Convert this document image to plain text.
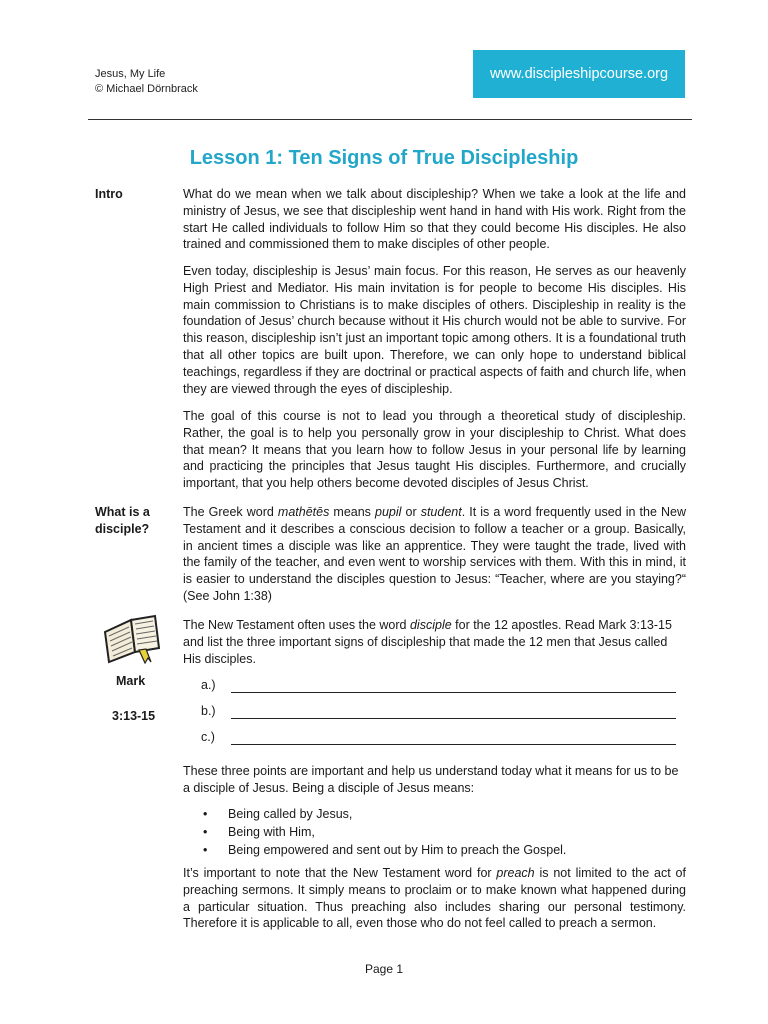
Jesus, My Life
© Michael Dörnbrack
www.discipleshipcourse.org
Lesson 1: Ten Signs of True Discipleship
Intro
What is a
disciple?
Mark
3:13-15

What do we mean when we talk about discipleship? When we take a look at the life and ministry of Jesus, we see that discipleship went hand in hand with His work. Right from the start He called individuals to follow Him so that they could become His disciples. He also trained and commissioned them to make disciples of other people.

Even today, discipleship is Jesus’ main focus. For this reason, He serves as our heavenly High Priest and Mediator. His main invitation is for people to become His disciples. His main commission to Christians is to make disciples of others. Discipleship in reality is the foundation of Jesus’ church because without it His church would not be able to survive. For this reason, discipleship isn’t just an important topic among others. It is a foundational truth that all other topics are built upon. Therefore, we can only hope to understand biblical teachings, regardless if they are doctrinal or practical aspects of faith and church life, when they are viewed through the eyes of discipleship.

The goal of this course is not to lead you through a theoretical study of discipleship. Rather, the goal is to help you personally grow in your discipleship to Christ. What does that mean? It means that you learn how to follow Jesus in your personal life by learning and practicing the principles that Jesus taught His disciples. Furthermore, and crucially important, that you help others become devoted disciples of Jesus Christ.

The Greek word mathētēs means pupil or student. It is a word frequently used in the New Testament and it describes a conscious decision to follow a teacher or a group. Basically, in ancient times a disciple was like an apprentice. They were taught the trade, lived with the family of the teacher, and even went to worship services with them. With this in mind, it is easier to understand the disciples question to Jesus: “Teacher, where are you staying?“ (See John 1:38)

The New Testament often uses the word disciple for the 12 apostles. Read Mark 3:13-15 and list the three important signs of discipleship that made the 12 men that Jesus called His disciples.

a.)
b.)
c.)

These three points are important and help us understand today what it means for us to be a disciple of Jesus. Being a disciple of Jesus means:

• Being called by Jesus,
• Being with Him,
• Being empowered and sent out by Him to preach the Gospel.

It’s important to note that the New Testament word for preach is not limited to the act of preaching sermons. It simply means to proclaim or to make known what happened during a particular situation. Thus preaching also includes sharing our personal testimony. Therefore it is applicable to all, even those who do not feel called to preach a sermon.

Page 1
